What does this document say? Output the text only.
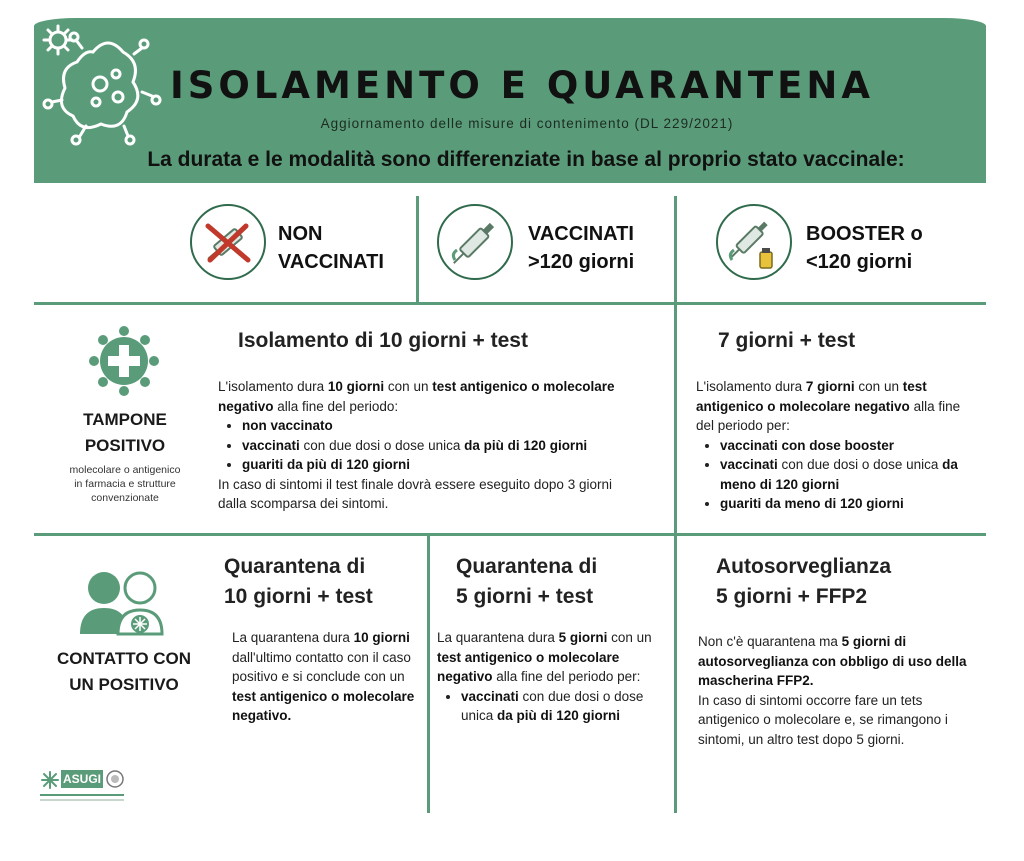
ISOLAMENTO E QUARANTENA
Aggiornamento delle misure di contenimento (DL 229/2021)
La durata e le modalità sono differenziate in base al proprio stato vaccinale:
NON
VACCINATI
VACCINATI
>120 giorni
BOOSTER o
<120 giorni
TAMPONE
POSITIVO
molecolare o antigenico
in farmacia e strutture
convenzionate
Isolamento di 10 giorni + test
L'isolamento dura 10 giorni con un test antigenico o molecolare negativo alla fine del periodo:
• non vaccinato
• vaccinati con due dosi o dose unica da più di 120 giorni
• guariti da più di 120 giorni
In caso di sintomi il test finale dovrà essere eseguito dopo 3 giorni dalla scomparsa dei sintomi.
7 giorni + test
L'isolamento dura 7 giorni con un test antigenico o molecolare negativo alla fine del periodo per:
• vaccinati con dose booster
• vaccinati con due dosi o dose unica da meno di 120 giorni
• guariti da meno di 120 giorni
CONTATTO CON
UN POSITIVO
Quarantena di
10 giorni + test
La quarantena dura 10 giorni dall'ultimo contatto con il caso positivo e si conclude con un test antigenico o molecolare negativo.
Quarantena di
5 giorni + test
La quarantena dura 5 giorni con un test antigenico o molecolare negativo alla fine del periodo per:
• vaccinati con due dosi o dose unica da più di 120 giorni
Autosorveglianza
5 giorni + FFP2
Non c'è quarantena ma 5 giorni di autosorveglianza con obbligo di uso della mascherina FFP2.
In caso di sintomi occorre fare un tets antigenico o molecolare e, se rimangono i sintomi, un altro test dopo 5 giorni.
ASUGI
